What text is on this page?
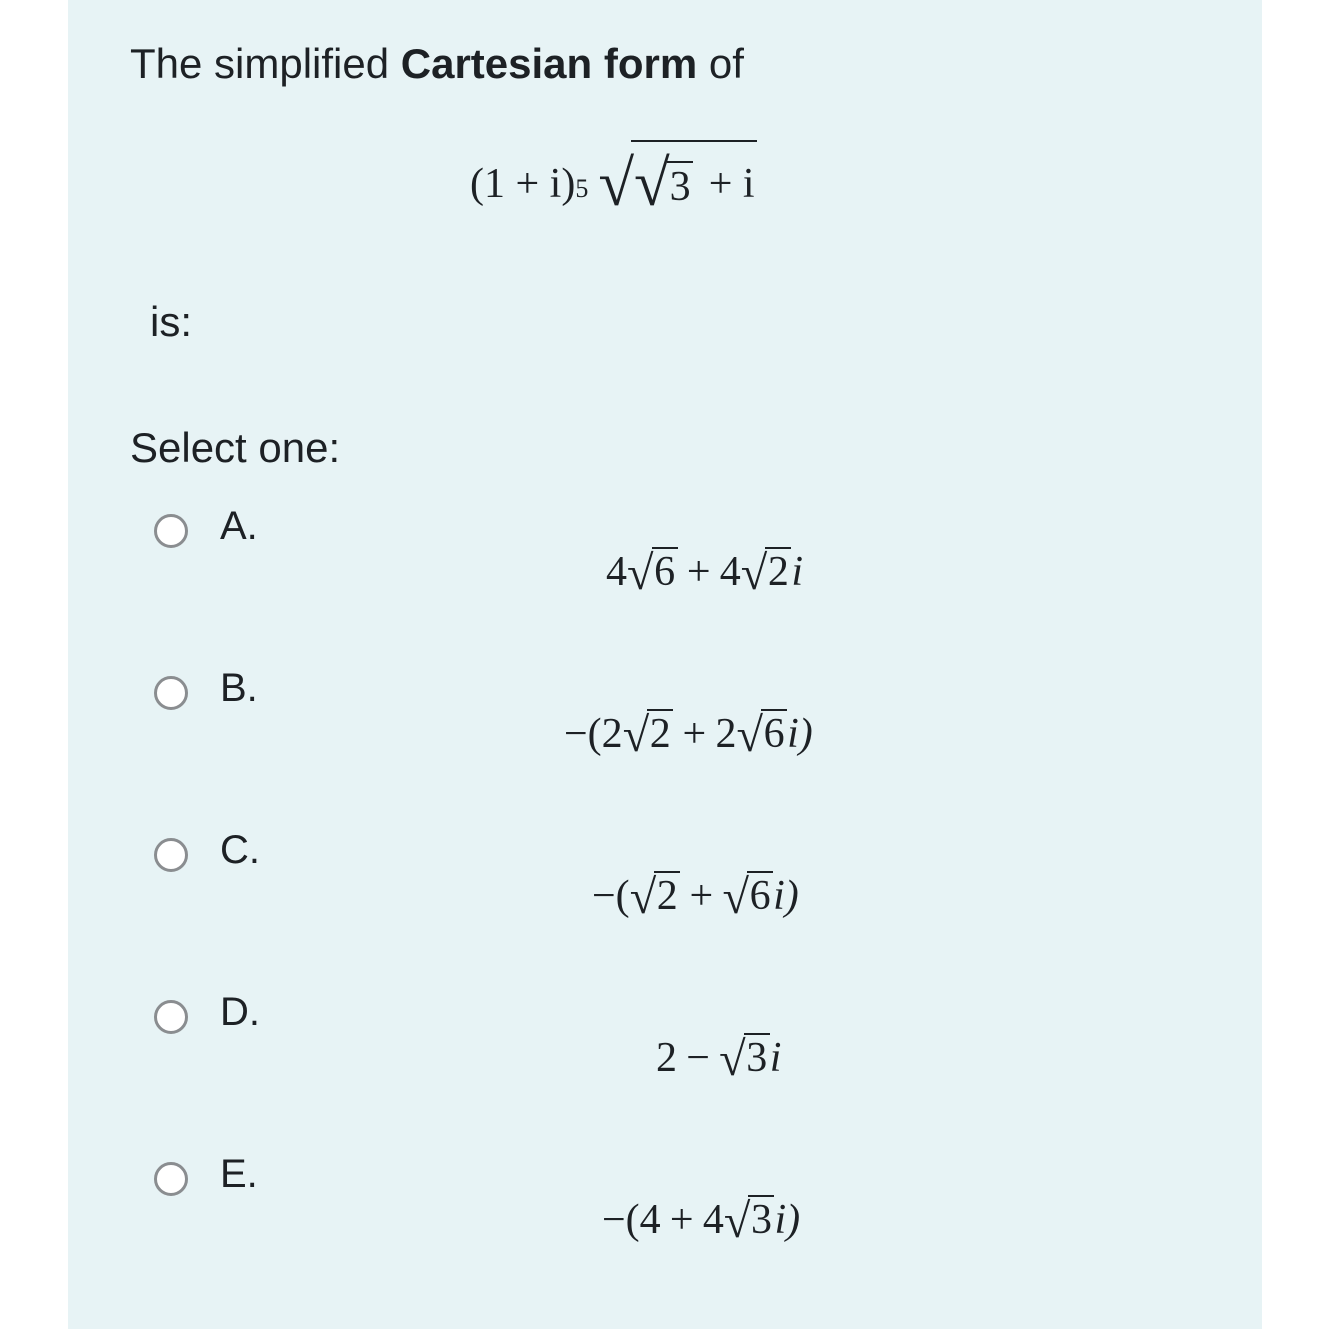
The simplified Cartesian form of
(1 + i) 5 √ √ 3 + i
is:
Select one:
A.
4 √ 6 + 4 √ 2 i
B.
−(2 √ 2 + 2 √ 6 i)
C.
−( √ 2 + √ 6 i)
D.
2 − √ 3 i
E.
−(4 + 4 √ 3 i)
